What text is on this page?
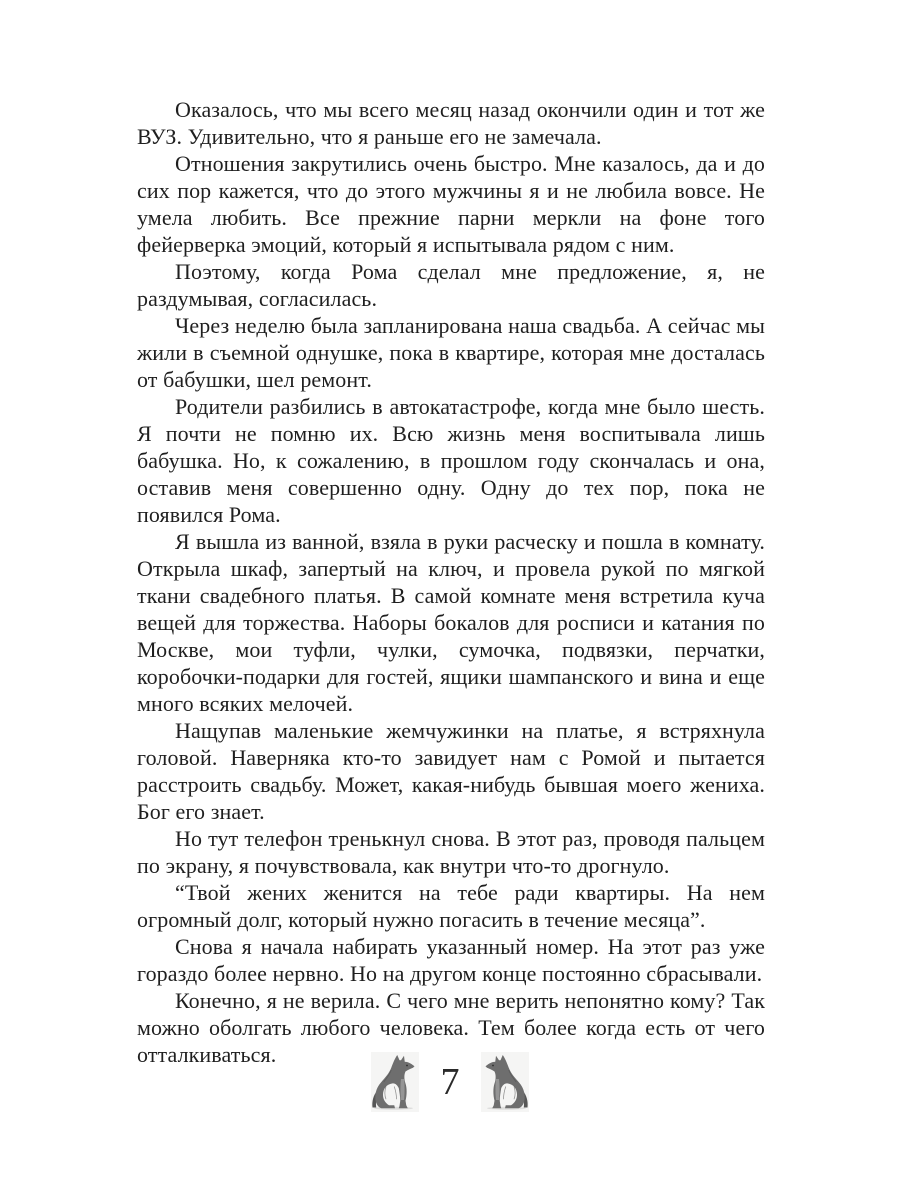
Оказалось, что мы всего месяц назад окончили один и тот же ВУЗ. Удивительно, что я раньше его не замечала.

Отношения закрутились очень быстро. Мне казалось, да и до сих пор кажется, что до этого мужчины я и не любила вовсе. Не умела любить. Все прежние парни меркли на фоне того фейерверка эмоций, который я испытывала рядом с ним.

Поэтому, когда Рома сделал мне предложение, я, не раздумывая, согласилась.

Через неделю была запланирована наша свадьба. А сейчас мы жили в съемной однушке, пока в квартире, которая мне досталась от бабушки, шел ремонт.

Родители разбились в автокатастрофе, когда мне было шесть. Я почти не помню их. Всю жизнь меня воспитывала лишь бабушка. Но, к сожалению, в прошлом году скончалась и она, оставив меня совершенно одну. Одну до тех пор, пока не появился Рома.

Я вышла из ванной, взяла в руки расческу и пошла в комнату. Открыла шкаф, запертый на ключ, и провела рукой по мягкой ткани свадебного платья. В самой комнате меня встретила куча вещей для торжества. Наборы бокалов для росписи и катания по Москве, мои туфли, чулки, сумочка, подвязки, перчатки, коробочки-подарки для гостей, ящики шампанского и вина и еще много всяких мелочей.

Нащупав маленькие жемчужинки на платье, я встряхнула головой. Наверняка кто-то завидует нам с Ромой и пытается расстроить свадьбу. Может, какая-нибудь бывшая моего жениха. Бог его знает.

Но тут телефон тренькнул снова. В этот раз, проводя пальцем по экрану, я почувствовала, как внутри что-то дрогнуло.

“Твой жених женится на тебе ради квартиры. На нем огромный долг, который нужно погасить в течение месяца”.

Снова я начала набирать указанный номер. На этот раз уже гораздо более нервно. Но на другом конце постоянно сбрасывали.

Конечно, я не верила. С чего мне верить непонятно кому? Так можно оболгать любого человека. Тем более когда есть от чего отталкиваться.

7
